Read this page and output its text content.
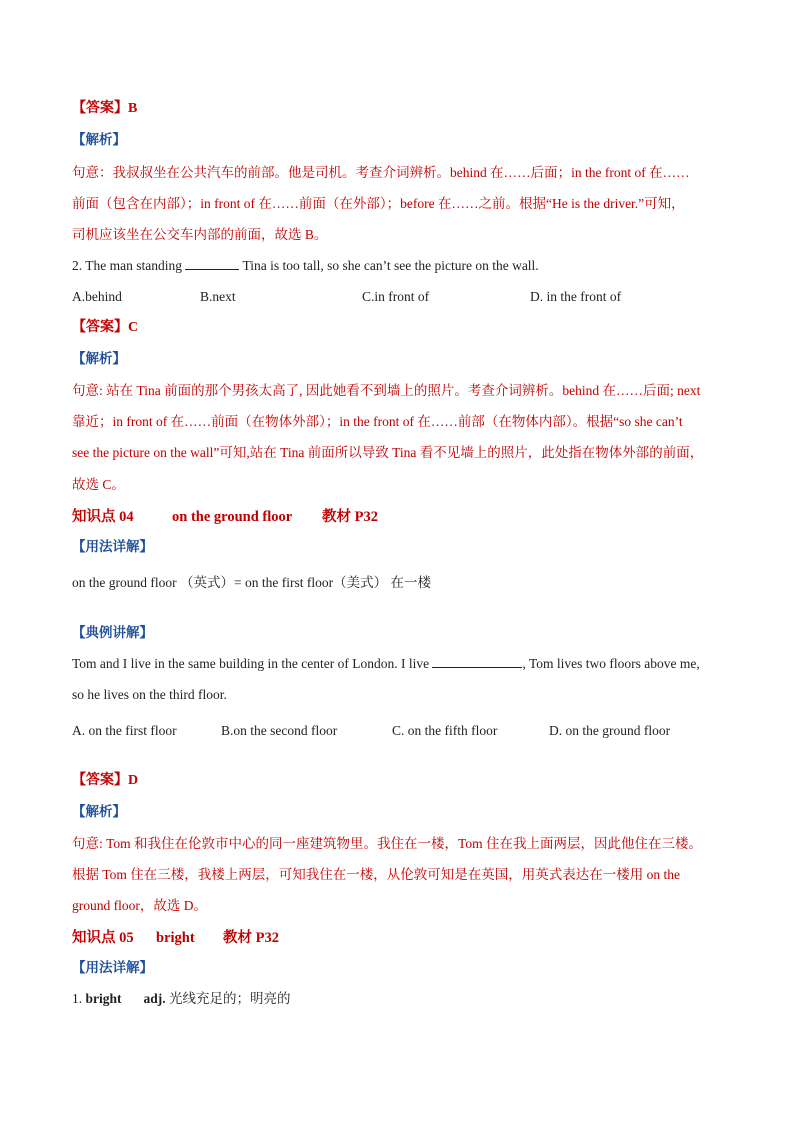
【答案】B
【解析】
句意：我叔叔坐在公共汽车的前部。他是司机。考查介词辨析。behind 在……后面；in the front of 在……
前面（包含在内部）；in front of 在……前面（在外部）；before 在……之前。根据“He is the driver.”可知，
司机应该坐在公交车内部的前面，故选 B。
2. The man standing	Tina is too tall, so she can’t see the picture on the wall.
A.behind	B.next	C.in front of	D. in the front of
【答案】C
【解析】
句意: 站在 Tina 前面的那个男孩太高了, 因此她看不到墙上的照片。考查介词辨析。behind 在……后面; next
靠近；in front of 在……前面（在物体外部）；in the front of 在……前部（在物体内部）。根据“so she can’t
see the picture on the wall”可知,站在 Tina 前面所以导致 Tina 看不见墙上的照片，此处指在物体外部的前面，
故选 C。
知识点 04	on the ground floor 教材 P32
【用法详解】
on the ground floor （英式）= on the first floor（美式） 在一楼
【典例讲解】
Tom and I live in the same building in the center of London. I live	, Tom lives two floors above me,
so he lives on the third floor.
A. on the first floor	B.on the second floor	C. on the fifth floor	D. on the ground floor
【答案】D
【解析】
句意: Tom 和我住在伦敦市中心的同一座建筑物里。我住在一楼，Tom 住在我上面两层，因此他住在三楼。
根据 Tom 住在三楼，我楼上两层，可知我住在一楼，从伦敦可知是在英国，用英式表达在一楼用 on the
ground floor，故选 D。
知识点 05 bright 教材 P32
【用法详解】
1. bright adj. 光线充足的；明亮的
